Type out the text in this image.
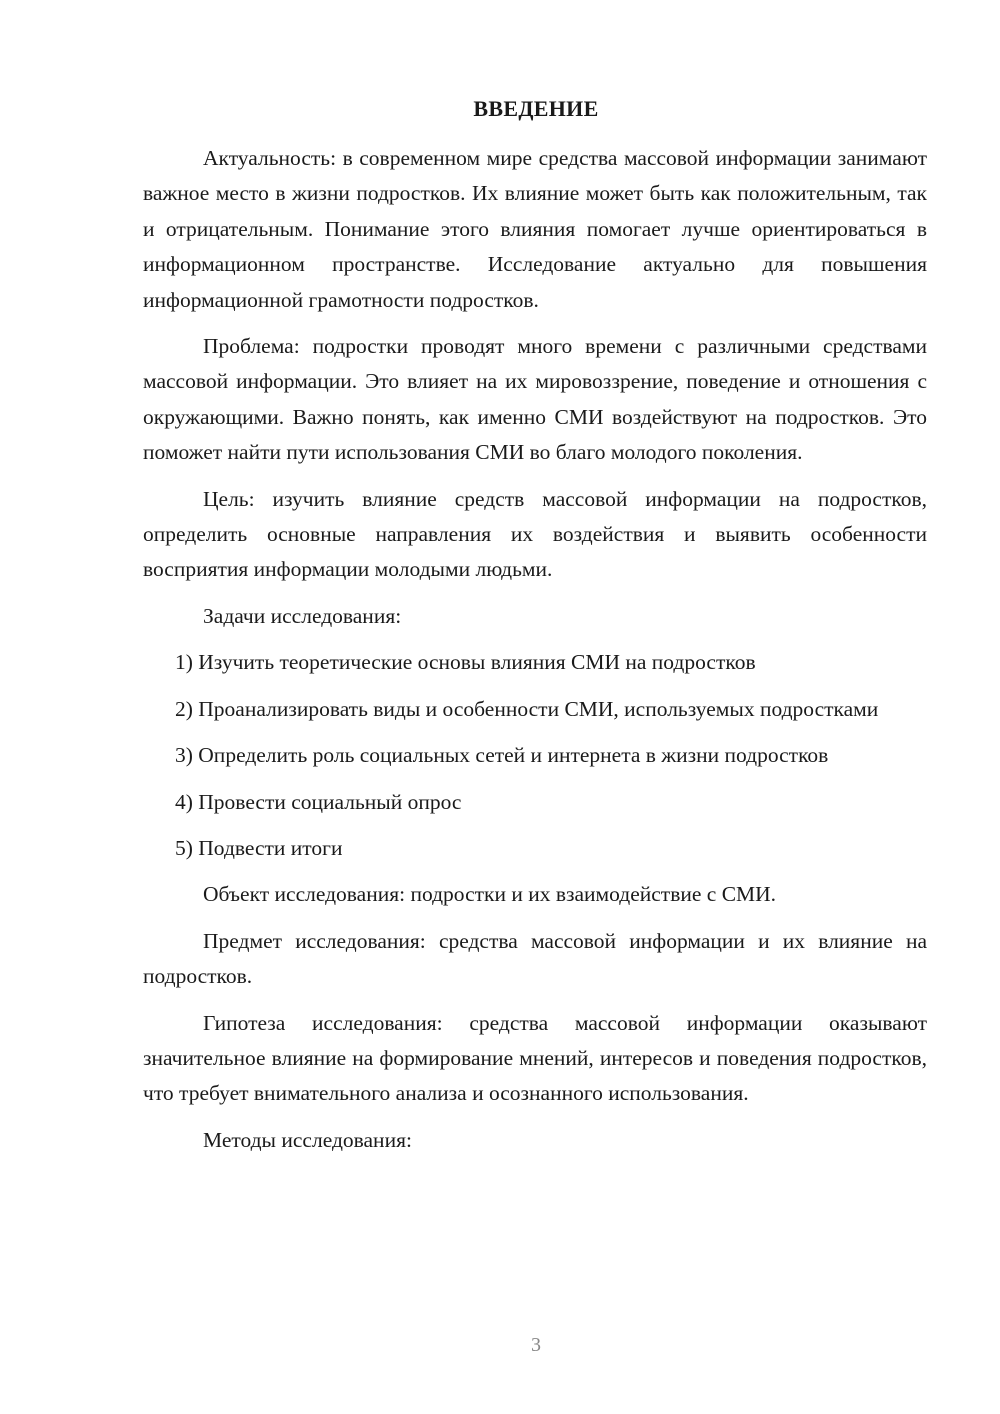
ВВЕДЕНИЕ

Актуальность: в современном мире средства массовой информации занимают важное место в жизни подростков. Их влияние может быть как положительным, так и отрицательным. Понимание этого влияния помогает лучше ориентироваться в информационном пространстве. Исследование актуально для повышения информационной грамотности подростков.

Проблема: подростки проводят много времени с различными средствами массовой информации. Это влияет на их мировоззрение, поведение и отношения с окружающими. Важно понять, как именно СМИ воздействуют на подростков. Это поможет найти пути использования СМИ во благо молодого поколения.

Цель: изучить влияние средств массовой информации на подростков, определить основные направления их воздействия и выявить особенности восприятия информации молодыми людьми.

Задачи исследования:

1) Изучить теоретические основы влияния СМИ на подростков

2) Проанализировать виды и особенности СМИ, используемых подростками

3) Определить роль социальных сетей и интернета в жизни подростков

4) Провести социальный опрос

5) Подвести итоги

Объект исследования: подростки и их взаимодействие с СМИ.

Предмет исследования: средства массовой информации и их влияние на подростков.

Гипотеза исследования: средства массовой информации оказывают значительное влияние на формирование мнений, интересов и поведения подростков, что требует внимательного анализа и осознанного использования.

Методы исследования:

3
